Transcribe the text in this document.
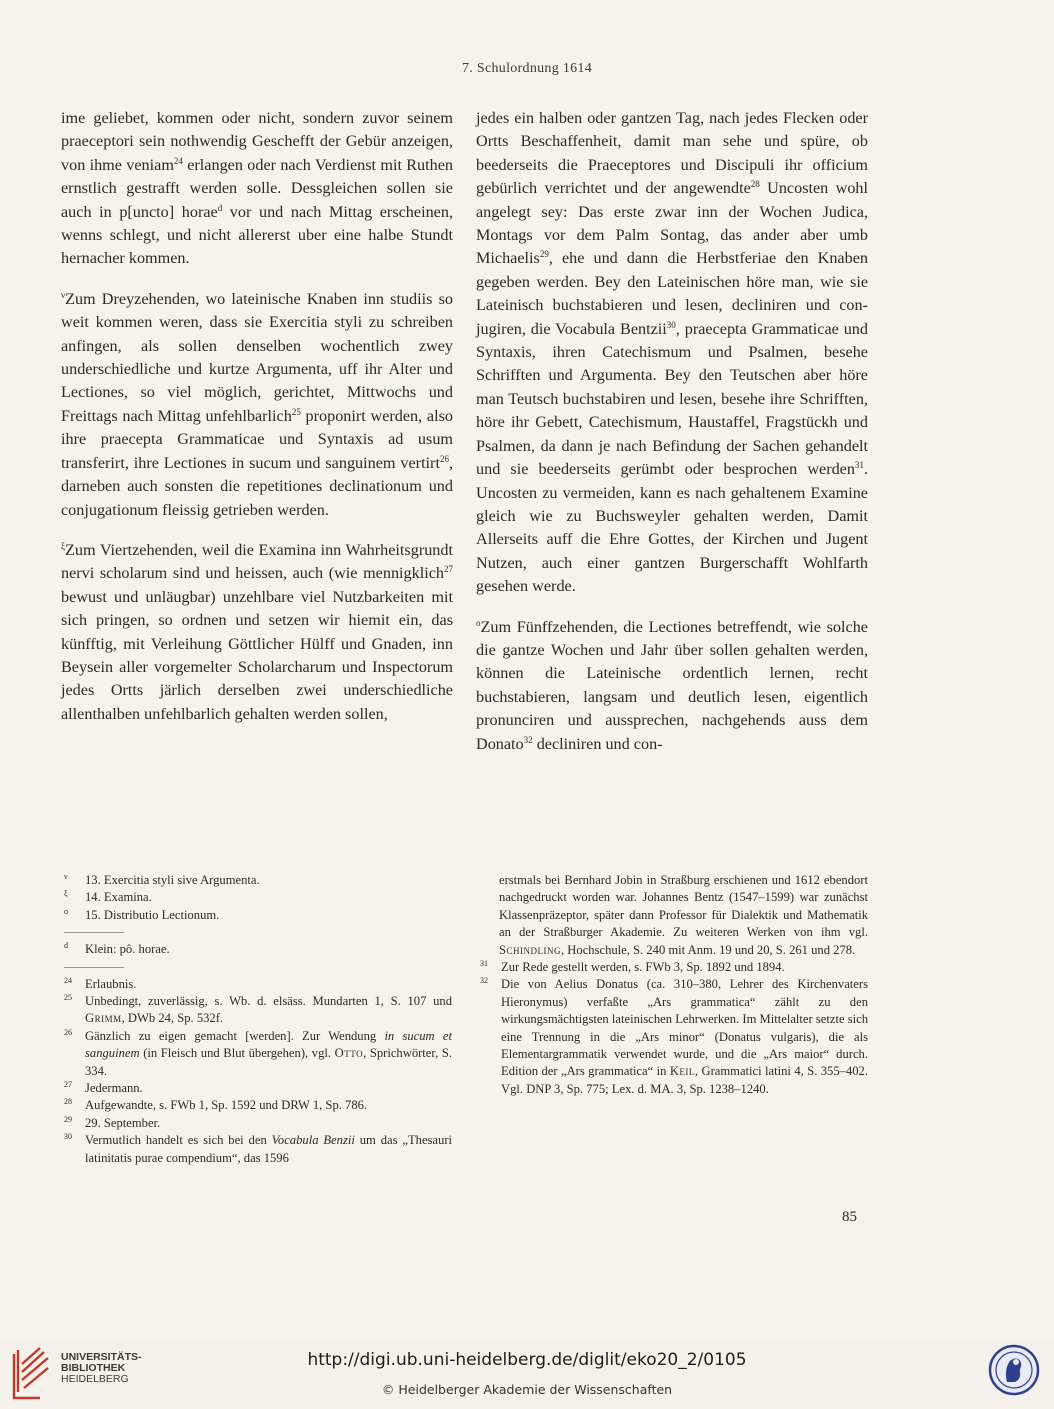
7. Schulordnung 1614

ime geliebet, kommen oder nicht, sondern zuvor seinem praeceptori sein nothwendig Geschefft der Gebür anzeigen, von ihme veniam$^{24}$ erlangen oder nach Verdienst mit Ruthen ernstlich gestrafft werden solle. Dessgleichen sollen sie auch in p[uncto] horae$^d$ vor und nach Mittag erscheinen, wenns schlegt, und nicht allererst uber eine halbe Stundt hernacher kommen.

$^\nu$Zum Dreyzehenden, wo lateinische Knaben inn studiis so weit kommen weren, dass sie Exercitia styli zu schreiben anfingen, als sollen denselben wochentlich zwey underschiedliche und kurtze Argumenta, uff ihr Alter und Lectiones, so viel möglich, gerichtet, Mittwochs und Freittags nach Mittag unfehlbarlich$^{25}$ proponirt werden, also ihre praecepta Grammaticae und Syntaxis ad usum transferirt, ihre Lectiones in sucum und sanguinem vertirt$^{26}$, darneben auch sonsten die repetitiones declinationum und conjugationum fleissig getrieben werden.

$^\xi$Zum Viertzehenden, weil die Examina inn Wahrheitsgrundt nervi scholarum sind und heissen, auch (wie mennigklich$^{27}$ bewust und unläugbar) unzehlbare viel Nutzbarkeiten mit sich pringen, so ordnen und setzen wir hiemit ein, das künfftig, mit Verleihung Göttlicher Hülff und Gnaden, inn Beysein aller vorgemelter Scholarcharum und Inspectorum jedes Ortts järlich derselben zwei underschiedliche allenthalben unfehlbarlich gehalten werden sollen,

jedes ein halben oder gantzen Tag, nach jedes Flecken oder Ortts Beschaffenheit, damit man sehe und spüre, ob beederseits die Praeceptores und Discipuli ihr officium gebürlich verrichtet und der angewendte$^{28}$ Uncosten wohl angelegt sey: Das erste zwar inn der Wochen Judica, Montags vor dem Palm Sontag, das ander aber umb Michaelis$^{29}$, ehe und dann die Herbstferiae den Knaben gegeben werden. Bey den Lateinischen höre man, wie sie Lateinisch buchstabieren und lesen, decliniren und conjugiren, die Vocabula Bentzii$^{30}$, praecepta Grammaticae und Syntaxis, ihren Catechismum und Psalmen, besehe Schrifften und Argumenta. Bey den Teutschen aber höre man Teutsch buchstabiren und lesen, besehe ihre Schrifften, höre ihr Gebett, Catechismum, Haustaffel, Fragstückh und Psalmen, da dann je nach Befindung der Sachen gehandelt und sie beederseits gerümbt oder besprochen werden$^{31}$. Uncosten zu vermeiden, kann es nach gehaltenem Examine gleich wie zu Buchsweyler gehalten werden, Damit Allerseits auff die Ehre Gottes, der Kirchen und Jugent Nutzen, auch einer gantzen Burgerschafft Wohlfarth gesehen werde.

$^o$Zum Fünffzehenden, die Lectiones betreffendt, wie solche die gantze Wochen und Jahr über sollen gehalten werden, können die Lateinische ordentlich lernen, recht buchstabieren, langsam und deutlich lesen, eigentlich pronunciren und aussprechen, nachgehends auss dem Donato$^{32}$ decliniren und con-

ν	13. Exercitia styli sive Argumenta.
ξ	14. Examina.
ο	15. Distributio Lectionum.
d	Klein: pô. horae.
24	Erlaubnis.
25	Unbedingt, zuverlässig, s. Wb. d. elsäss. Mundarten 1, S. 107 und Grimm, DWb 24, Sp. 532f.
26	Gänzlich zu eigen gemacht [werden]. Zur Wendung in sucum et sanguinem (in Fleisch und Blut übergehen), vgl. Otto, Sprichwörter, S. 334.
27	Jedermann.
28	Aufgewandte, s. FWb 1, Sp. 1592 und DRW 1, Sp. 786.
29	29. September.
30	Vermutlich handelt es sich bei den Vocabula Benzii um das „Thesauri latinitatis purae compendium“, das 1596
erstmals bei Bernhard Jobin in Straßburg erschienen und 1612 ebendort nachgedruckt worden war. Johannes Bentz (1547–1599) war zunächst Klassenpräzeptor, später dann Professor für Dialektik und Mathematik an der Straßburger Akademie. Zu weiteren Werken von ihm vgl. Schindling, Hochschule, S. 240 mit Anm. 19 und 20, S. 261 und 278.
31	Zur Rede gestellt werden, s. FWb 3, Sp. 1892 und 1894.
32	Die von Aelius Donatus (ca. 310–380, Lehrer des Kirchenvaters Hieronymus) verfaßte „Ars grammatica“ zählt zu den wirkungsmächtigsten lateinischen Lehrwerken. Im Mittelalter setzte sich eine Trennung in die „Ars minor“ (Donatus vulgaris), die als Elementargrammatik verwendet wurde, und die „Ars maior“ durch. Edition der „Ars grammatica“ in Keil, Grammatici latini 4, S. 355–402. Vgl. DNP 3, Sp. 775; Lex. d. MA. 3, Sp. 1238–1240.
85
UNIVERSITÄTS-
BIBLIOTHEK
HEIDELBERG
http://digi.ub.uni-heidelberg.de/diglit/eko20_2/0105
© Heidelberger Akademie der Wissenschaften
